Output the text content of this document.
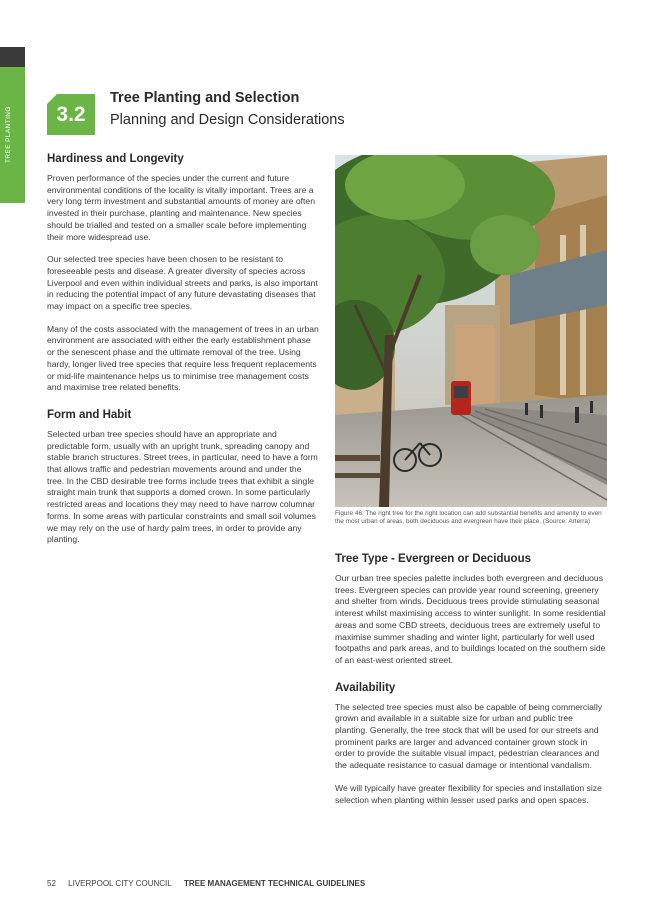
3.2
Tree Planting and Selection
Planning and Design Considerations
Hardiness and Longevity

Proven performance of the species under the current and future environmental conditions of the locality is vitally important. Trees are a very long term investment and substantial amounts of money are often invested in their purchase, planting and maintenance. New species should be trialled and tested on a smaller scale before implementing their more widespread use.

Our selected tree species have been chosen to be resistant to foreseeable pests and disease. A greater diversity of species across Liverpool and even within individual streets and parks, is also important in reducing the potential impact of any future devastating diseases that may impact on a specific tree species.

Many of the costs associated with the management of trees in an urban environment are associated with either the early establishment phase or the senescent phase and the ultimate removal of the tree. Using hardy, longer lived tree species that require less frequent replacements or mid-life maintenance helps us to minimise tree management costs and maximise tree related benefits.

Form and Habit

Selected urban tree species should have an appropriate and predictable form, usually with an upright trunk, spreading canopy and stable branch structures. Street trees, in particular, need to have a form that allows traffic and pedestrian movements around and under the tree. In the CBD desirable tree forms include trees that exhibit a single straight main trunk that supports a domed crown. In some particularly restricted areas and locations they may need to have narrow columnar forms. In some areas with particular constraints and small soil volumes we may rely on the use of hardy palm trees, in order to provide any planting.

Figure 46: The right tree for the right location can add substantial benefits and amenity to even the most urban of areas, both deciduous and evergreen have their place. (Source: Arterra)
Tree Type - Evergreen or Deciduous

Our urban tree species palette includes both evergreen and deciduous trees. Evergreen species can provide year round screening, greenery and shelter from winds. Deciduous trees provide stimulating seasonal interest whilst maximising access to winter sunlight. In some residential areas and some CBD streets, deciduous trees are extremely useful to maximise summer shading and winter light, particularly for well used footpaths and park areas, and to buildings located on the southern side of an east-west oriented street.

Availability

The selected tree species must also be capable of being commercially grown and available in a suitable size for urban and public tree planting. Generally, the tree stock that will be used for our streets and prominent parks are larger and advanced container grown stock in order to provide the suitable visual impact, pedestrian clearances and the adequate resistance to casual damage or intentional vandalism.

We will typically have greater flexibility for species and installation size selection when planting within lesser used parks and open spaces.

52 LIVERPOOL CITY COUNCIL TREE MANAGEMENT TECHNICAL GUIDELINES
